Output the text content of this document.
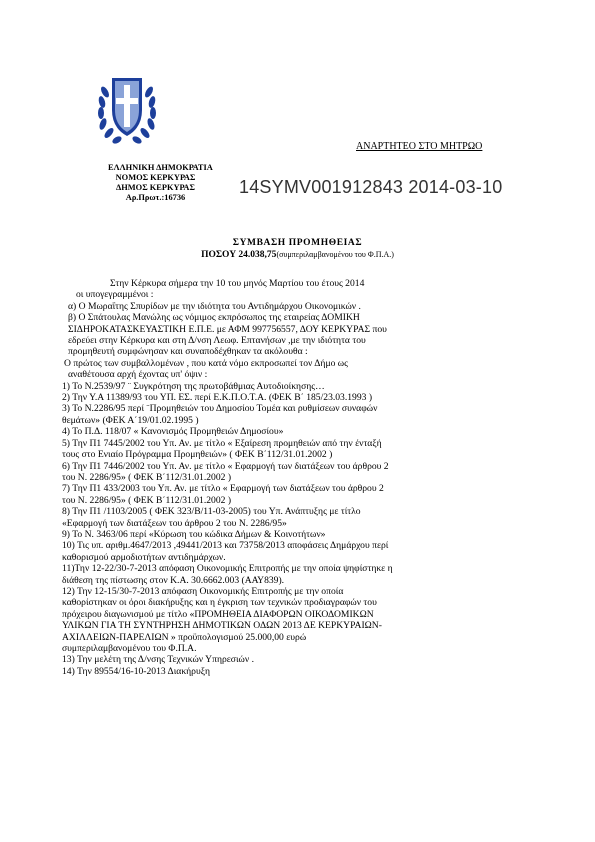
ΑΝΑΡΤΗΤΕΟ ΣΤΟ ΜΗΤΡΩΟ
ΕΛΛΗΝΙΚΗ ΔΗΜΟΚΡΑΤΙΑ
ΝΟΜΟΣ ΚΕΡΚΥΡΑΣ
ΔΗΜΟΣ ΚΕΡΚΥΡΑΣ
Αρ.Πρωτ.:16736
14SYMV001912843 2014-03-10
ΣΥΜΒΑΣΗ ΠΡΟΜΗΘΕΙΑΣ
ΠΟΣΟΥ 24.038,75(συμπεριλαμβανομένου του Φ.Π.Α.)

Στην Κέρκυρα σήμερα την 10 του μηνός Μαρτίου του έτους 2014

οι υπογεγραμμένοι :

α) Ο Μωραΐτης Σπυρίδων με την ιδιότητα του Αντιδημάρχου Οικονομικών .

β) Ο Σπάτουλας Μανώλης ως νόμιμος εκπρόσωπος της εταιρείας ΔΟΜΙΚΗ

ΣΙΔΗΡΟΚΑΤΑΣΚΕΥΑΣΤΙΚΗ Ε.Π.Ε. με ΑΦΜ 997756557, ΔΟΥ ΚΕΡΚΥΡΑΣ που

εδρεύει στην Κέρκυρα και στη Δ/νση Λεωφ. Επτανήσων ,με την ιδιότητα του

προμηθευτή συμφώνησαν και συναποδέχθηκαν τα ακόλουθα :

Ο πρώτος των συμβαλλομένων , που κατά νόμο εκπροσωπεί τον Δήμο ως

αναθέτουσα αρχή έχοντας υπ' όψιν :

1) Το Ν.2539/97 ¨ Συγκρότηση της πρωτοβάθμιας Αυτοδιοίκησης…

2) Την Υ.Α 11389/93 του ΥΠ. ΕΣ. περί Ε.Κ.Π.Ο.Τ.Α. (ΦΕΚ Β΄ 185/23.03.1993 )

3) Το Ν.2286/95 περί ¨Προμηθειών του Δημοσίου Τομέα και ρυθμίσεων συναφών

θεμάτων» (ΦΕΚ Α΄19/01.02.1995 )

4) Το Π.Δ. 118/07 « Κανονισμός Προμηθειών Δημοσίου»

5) Την Π1 7445/2002 του Υπ. Αν. με τίτλο « Εξαίρεση προμηθειών από την ένταξή

τους στο Ενιαίο Πρόγραμμα Προμηθειών» ( ΦΕΚ Β΄112/31.01.2002 )

6) Την Π1 7446/2002 του Υπ. Αν. με τίτλο « Εφαρμογή των διατάξεων του άρθρου 2

του Ν. 2286/95» ( ΦΕΚ Β΄112/31.01.2002 )

7) Την Π1 433/2003 του Υπ. Αν. με τίτλο « Εφαρμογή των διατάξεων του άρθρου 2

του Ν. 2286/95» ( ΦΕΚ Β΄112/31.01.2002 )

8) Την Π1 /1103/2005 ( ΦΕΚ 323/Β/11-03-2005) του Υπ. Ανάπτυξης με τίτλο

«Εφαρμογή των διατάξεων του άρθρου 2 του Ν. 2286/95»

9) Το Ν. 3463/06 περί «Κύρωση του κώδικα Δήμων & Κοινοτήτων»

10) Τις υπ. αριθμ.4647/2013 ,49441/2013 και 73758/2013 αποφάσεις Δημάρχου περί

καθορισμού αρμοδιοτήτων αντιδημάρχων.

11)Την 12-22/30-7-2013 απόφαση Οικονομικής Επιτροπής με την οποία ψηφίστηκε η

διάθεση της πίστωσης στον Κ.Α. 30.6662.003 (ΑΑΥ839).

12) Την 12-15/30-7-2013 απόφαση Οικονομικής Επιτροπής με την οποία

καθορίστηκαν οι όροι διακήρυξης και η έγκριση των τεχνικών προδιαγραφών του

πρόχειρου διαγωνισμού με τίτλο «ΠΡΟΜΗΘΕΙΑ ΔΙΑΦΟΡΩΝ ΟΙΚΟΔΟΜΙΚΩΝ

ΥΛΙΚΩΝ ΓΙΑ ΤΗ ΣΥΝΤΗΡΗΣΗ ΔΗΜΟΤΙΚΩΝ ΟΔΩΝ 2013 ΔΕ ΚΕΡΚΥΡΑΙΩΝ-

ΑΧΙΛΛΕΙΩΝ-ΠΑΡΕΛΙΩΝ » προϋπολογισμού 25.000,00 ευρώ

συμπεριλαμβανομένου του Φ.Π.Α.

13) Την μελέτη της Δ/νσης Τεχνικών Υπηρεσιών .

14) Την 89554/16-10-2013 Διακήρυξη
